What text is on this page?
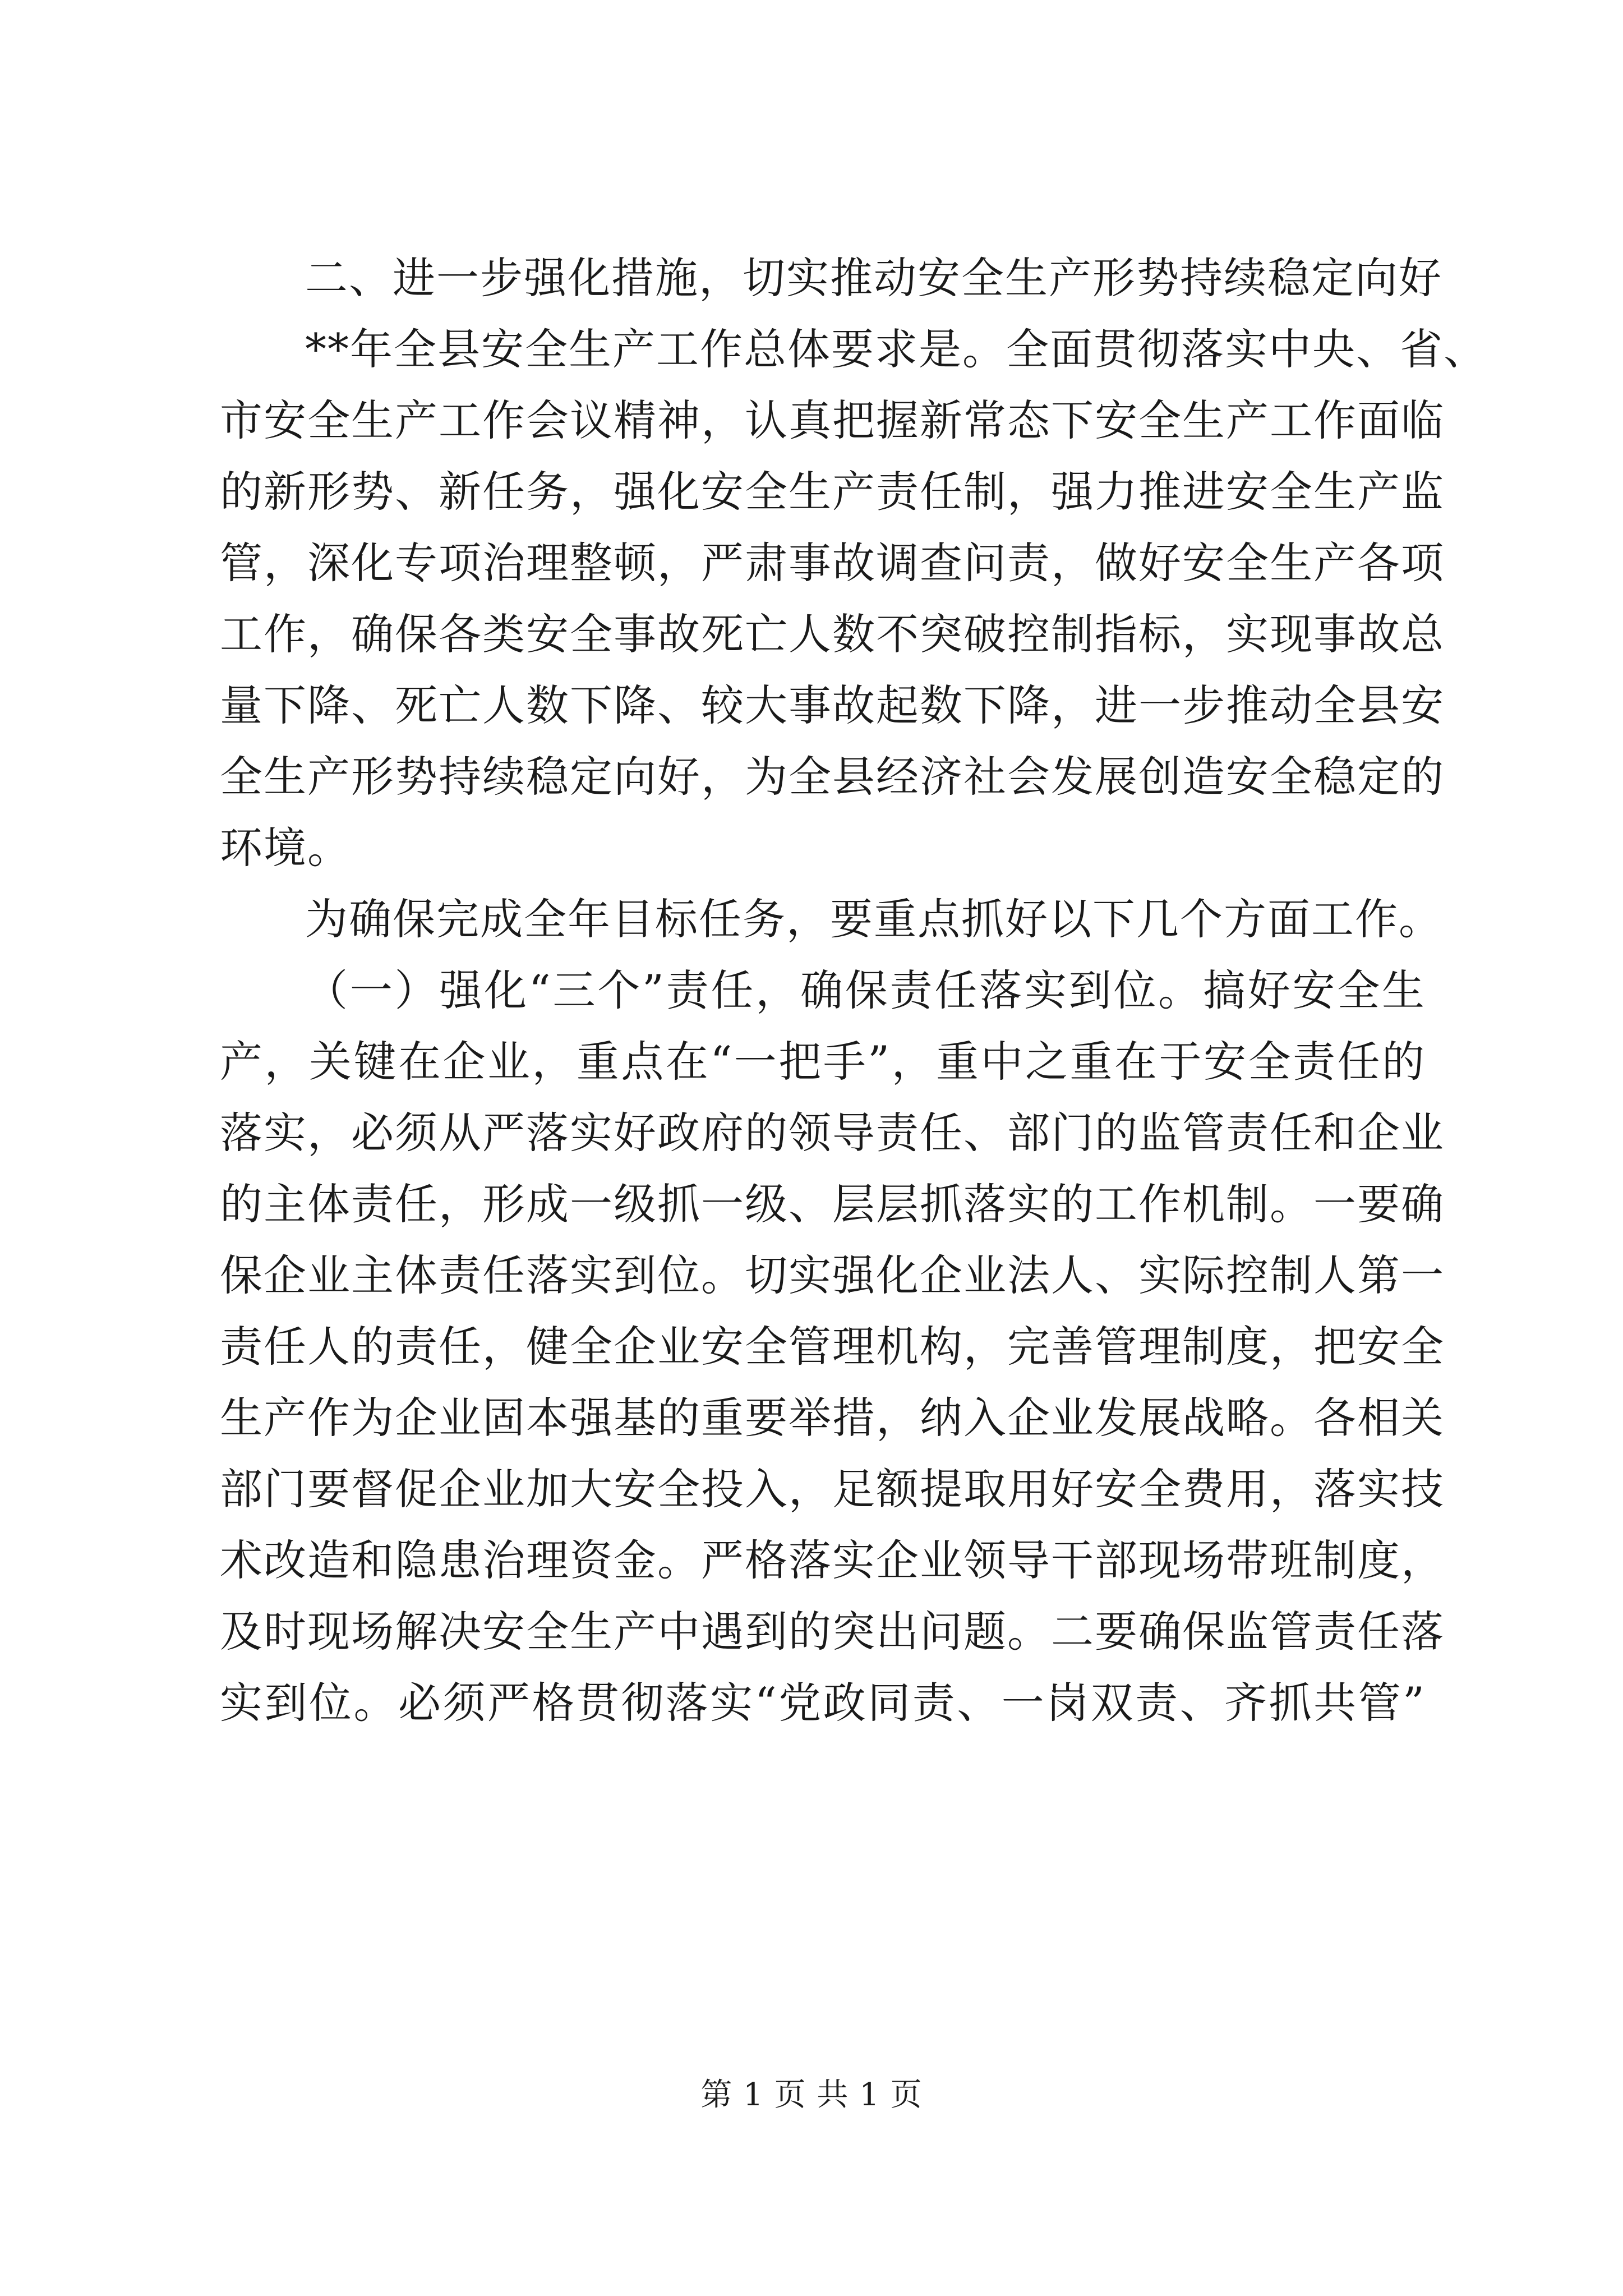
二、进一步强化措施，切实推动安全生产形势持续稳定向好
**年全县安全生产工作总体要求是。全面贯彻落实中央、省、
市安全生产工作会议精神，认真把握新常态下安全生产工作面临
的新形势、新任务，强化安全生产责任制，强力推进安全生产监
管，深化专项治理整顿，严肃事故调查问责，做好安全生产各项
工作，确保各类安全事故死亡人数不突破控制指标，实现事故总
量下降、死亡人数下降、较大事故起数下降，进一步推动全县安
全生产形势持续稳定向好，为全县经济社会发展创造安全稳定的
环境。
为确保完成全年目标任务，要重点抓好以下几个方面工作。
（一）强化“三个”责任，确保责任落实到位。搞好安全生
产，关键在企业，重点在“一把手”，重中之重在于安全责任的
落实，必须从严落实好政府的领导责任、部门的监管责任和企业
的主体责任，形成一级抓一级、层层抓落实的工作机制。一要确
保企业主体责任落实到位。切实强化企业法人、实际控制人第一
责任人的责任，健全企业安全管理机构，完善管理制度，把安全
生产作为企业固本强基的重要举措，纳入企业发展战略。各相关
部门要督促企业加大安全投入，足额提取用好安全费用，落实技
术改造和隐患治理资金。严格落实企业领导干部现场带班制度，
及时现场解决安全生产中遇到的突出问题。二要确保监管责任落
实到位。必须严格贯彻落实“党政同责、一岗双责、齐抓共管”
第 1 页 共 1 页
